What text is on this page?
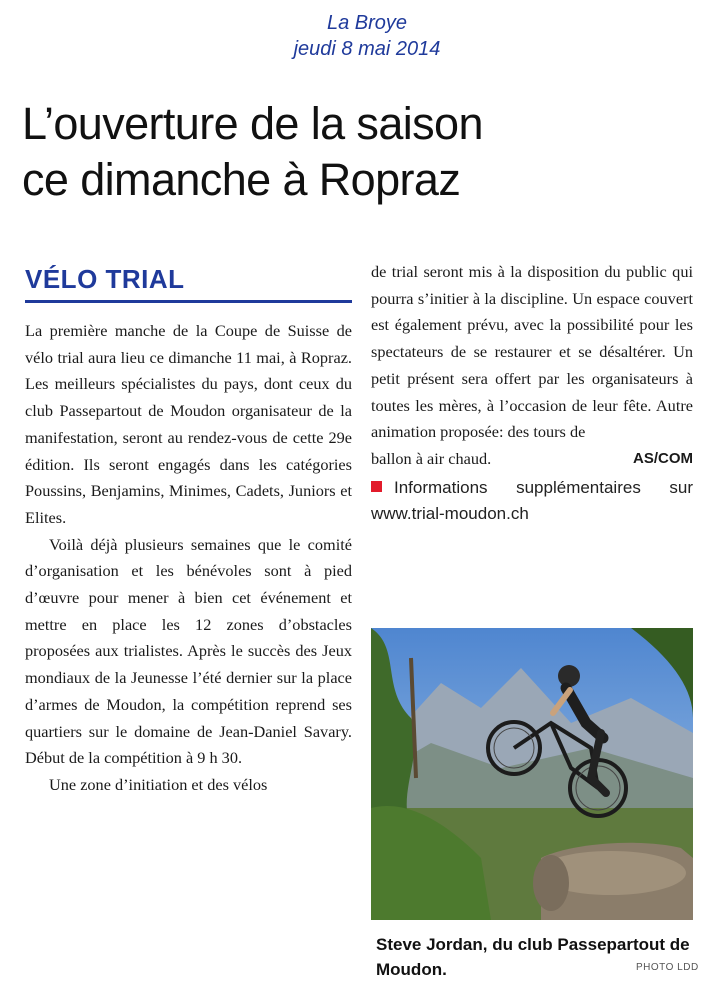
La Broye
jeudi 8 mai 2014
L’ouverture de la saison
ce dimanche à Ropraz
VÉLO TRIAL

La première manche de la Coupe de Suisse de vélo trial aura lieu ce dimanche 11 mai, à Ropraz. Les meilleurs spécialistes du pays, dont ceux du club Passepartout de Moudon organisateur de la manifestation, seront au rendez-vous de cette 29e édition. Ils seront engagés dans les catégories Poussins, Benjamins, Minimes, Cadets, Juniors et Elites.

Voilà déjà plusieurs semaines que le comité d’organisation et les bénévoles sont à pied d’œuvre pour mener à bien cet événement et mettre en place les 12 zones d’obstacles proposées aux trialistes. Après le succès des Jeux mondiaux de la Jeunesse l’été dernier sur la place d’armes de Moudon, la compétition reprend ses quartiers sur le domaine de Jean-Daniel Savary. Début de la compétition à 9 h 30.

Une zone d’initiation et des vélos

de trial seront mis à la disposition du public qui pourra s’initier à la discipline. Un espace couvert est également prévu, avec la possibilité pour les spectateurs de se restaurer et se désaltérer. Un petit présent sera offert par les organisateurs à toutes les mères, à l’occasion de leur fête. Autre animation proposée: des tours de

ballon à air chaud.	AS/COM
Informations supplémentaires sur www.trial-moudon.ch
Steve Jordan, du club Passepartout de Moudon.	PHOTO LDD
